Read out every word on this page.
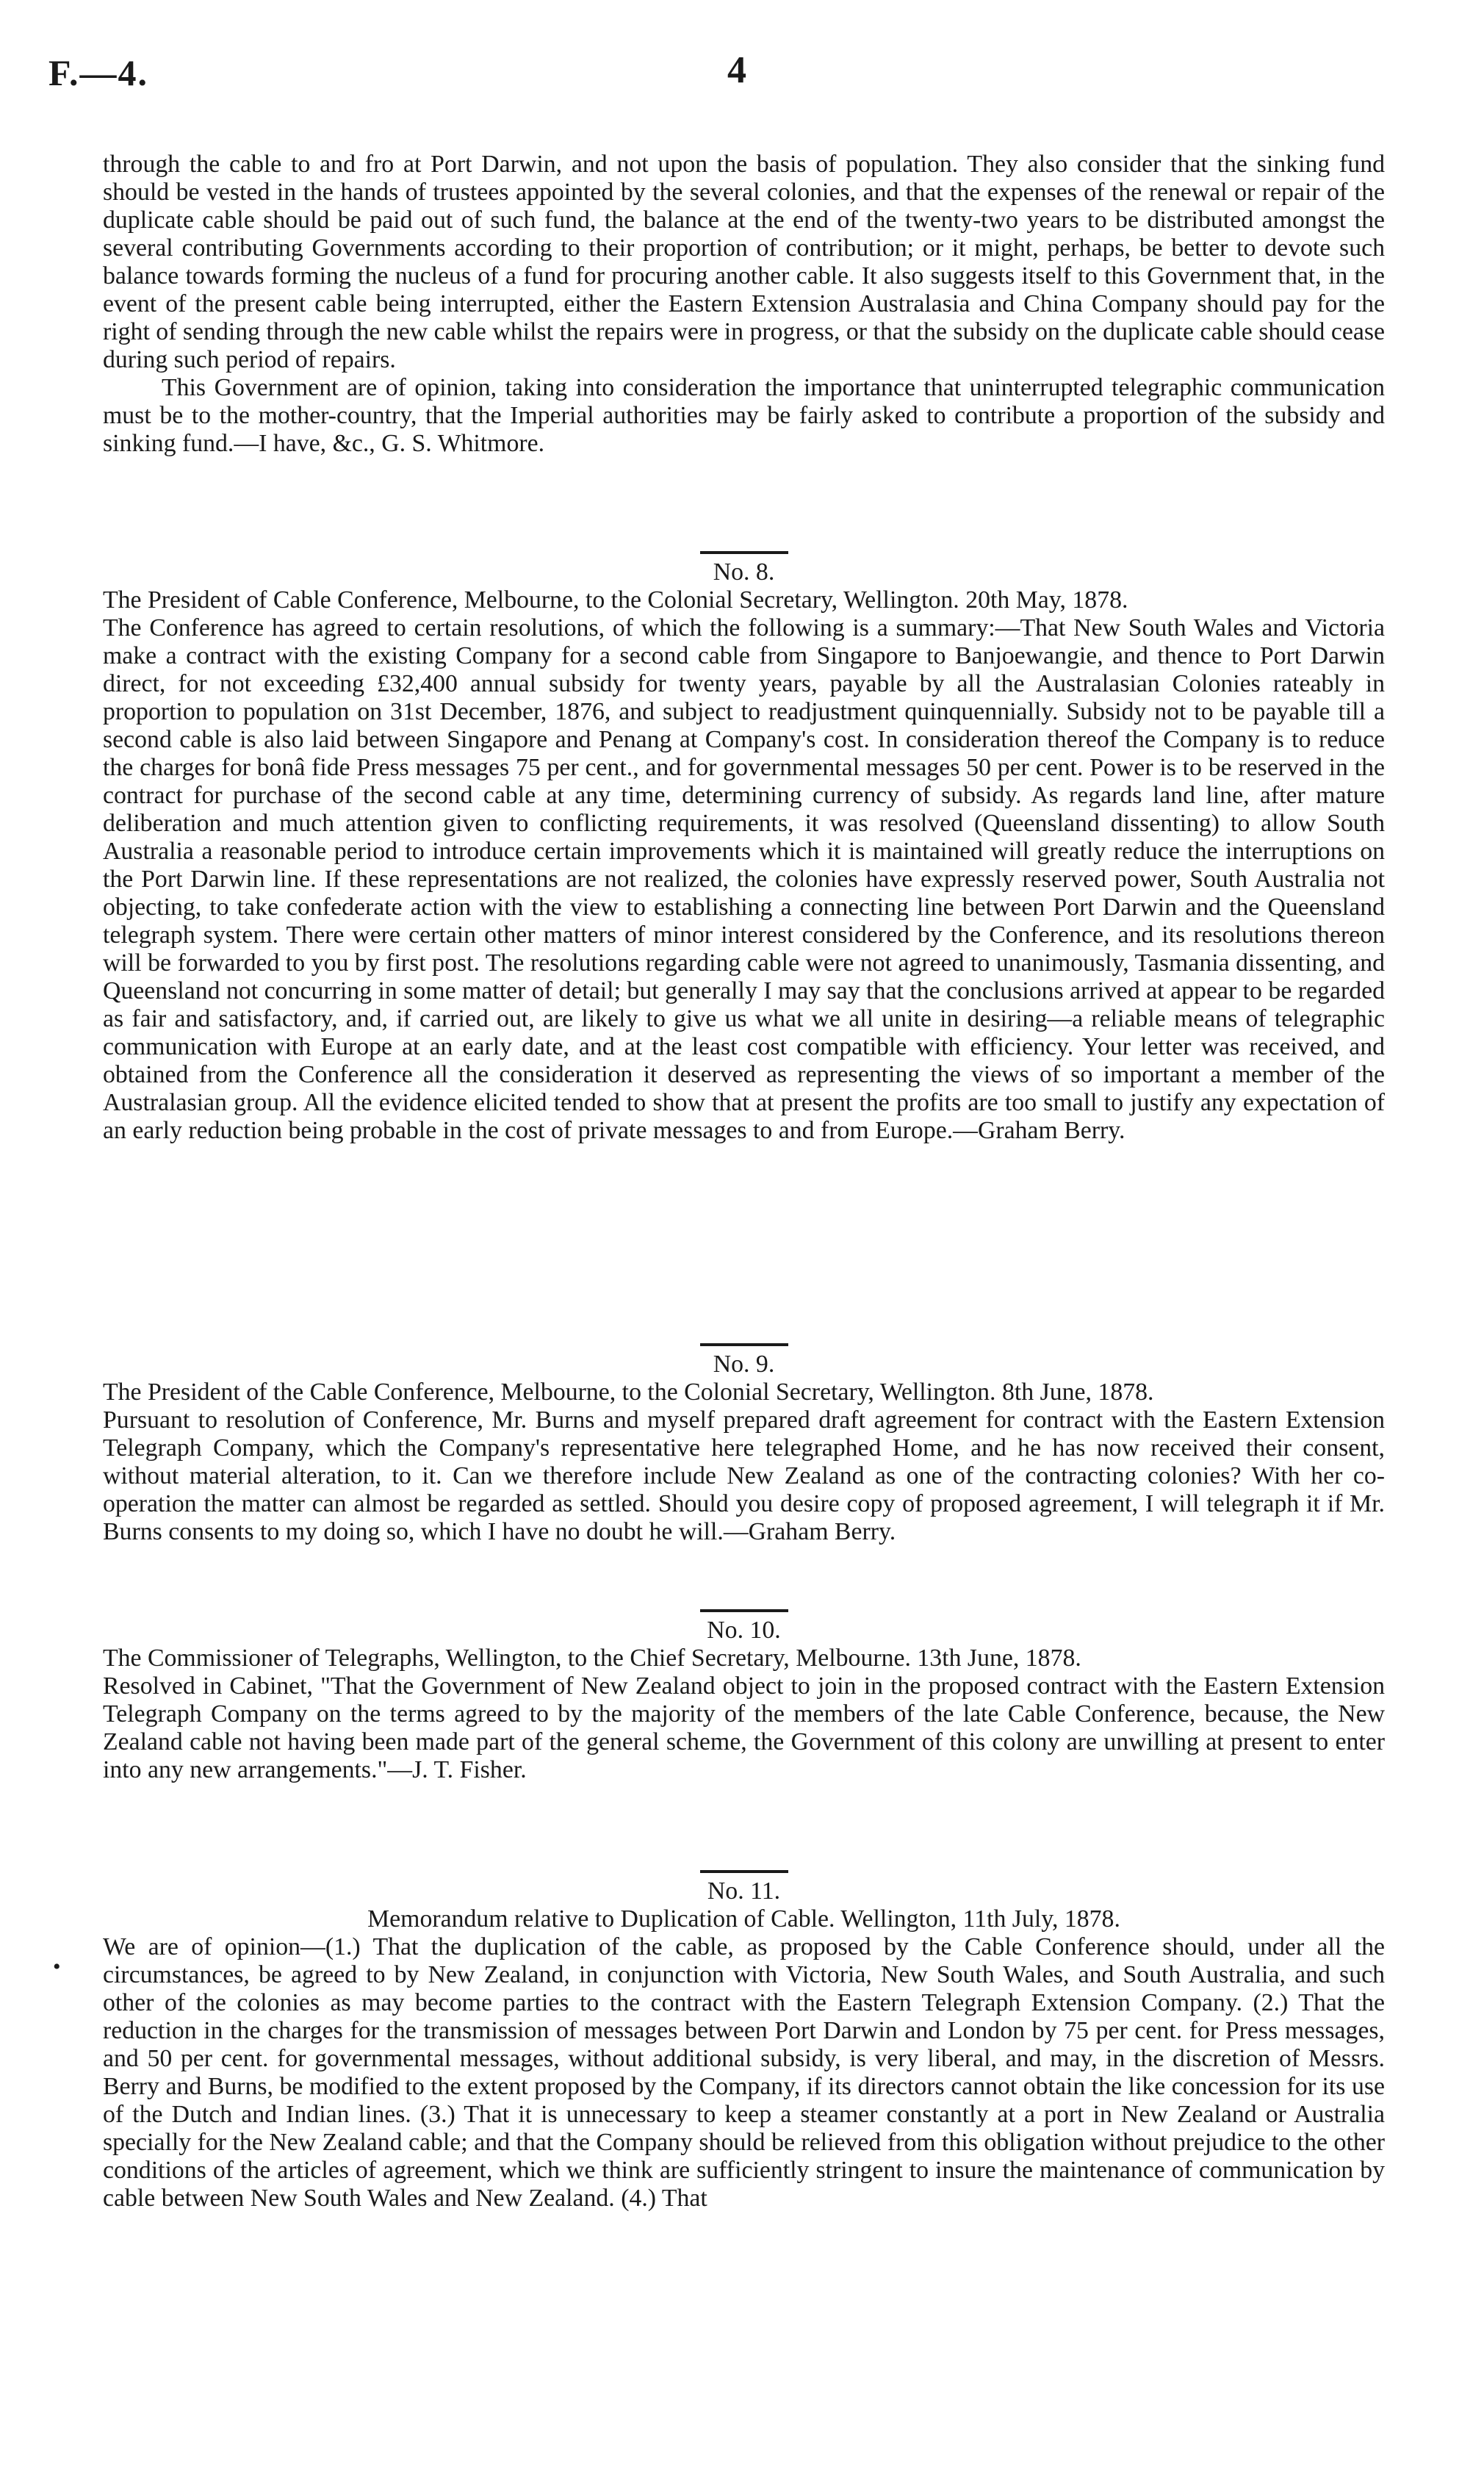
F.—4.	4

through the cable to and fro at Port Darwin, and not upon the basis of population. They also consider that the sinking fund should be vested in the hands of trustees appointed by the several colonies, and that the expenses of the renewal or repair of the duplicate cable should be paid out of such fund, the balance at the end of the twenty-two years to be distributed amongst the several contributing Governments according to their proportion of contribution; or it might, perhaps, be better to devote such balance towards forming the nucleus of a fund for procuring another cable. It also suggests itself to this Government that, in the event of the present cable being interrupted, either the Eastern Extension Australasia and China Company should pay for the right of sending through the new cable whilst the repairs were in progress, or that the subsidy on the duplicate cable should cease during such period of repairs.

This Government are of opinion, taking into consideration the importance that uninterrupted telegraphic communication must be to the mother-country, that the Imperial authorities may be fairly asked to contribute a proportion of the subsidy and sinking fund.—I have, &c., G. S. Whitmore.

No. 8.

The President of Cable Conference, Melbourne, to the Colonial Secretary, Wellington. 20th May, 1878.

The Conference has agreed to certain resolutions, of which the following is a summary:—That New South Wales and Victoria make a contract with the existing Company for a second cable from Singapore to Banjoewangie, and thence to Port Darwin direct, for not exceeding £32,400 annual subsidy for twenty years, payable by all the Australasian Colonies rateably in proportion to population on 31st December, 1876, and subject to readjustment quinquennially. Subsidy not to be payable till a second cable is also laid between Singapore and Penang at Company's cost. In consideration thereof the Company is to reduce the charges for bonâ fide Press messages 75 per cent., and for governmental messages 50 per cent. Power is to be reserved in the contract for purchase of the second cable at any time, determining currency of subsidy. As regards land line, after mature deliberation and much attention given to conflicting requirements, it was resolved (Queensland dissenting) to allow South Australia a reasonable period to introduce certain improvements which it is maintained will greatly reduce the interruptions on the Port Darwin line. If these representations are not realized, the colonies have expressly reserved power, South Australia not objecting, to take confederate action with the view to establishing a connecting line between Port Darwin and the Queensland telegraph system. There were certain other matters of minor interest considered by the Conference, and its resolutions thereon will be forwarded to you by first post. The resolutions regarding cable were not agreed to unanimously, Tasmania dissenting, and Queensland not concurring in some matter of detail; but generally I may say that the conclusions arrived at appear to be regarded as fair and satisfactory, and, if carried out, are likely to give us what we all unite in desiring—a reliable means of telegraphic communication with Europe at an early date, and at the least cost compatible with efficiency. Your letter was received, and obtained from the Conference all the consideration it deserved as representing the views of so important a member of the Australasian group. All the evidence elicited tended to show that at present the profits are too small to justify any expectation of an early reduction being probable in the cost of private messages to and from Europe.—Graham Berry.

No. 9.

The President of the Cable Conference, Melbourne, to the Colonial Secretary, Wellington. 8th June, 1878.

Pursuant to resolution of Conference, Mr. Burns and myself prepared draft agreement for contract with the Eastern Extension Telegraph Company, which the Company's representative here telegraphed Home, and he has now received their consent, without material alteration, to it. Can we therefore include New Zealand as one of the contracting colonies? With her co-operation the matter can almost be regarded as settled. Should you desire copy of proposed agreement, I will telegraph it if Mr. Burns consents to my doing so, which I have no doubt he will.—Graham Berry.

No. 10.

The Commissioner of Telegraphs, Wellington, to the Chief Secretary, Melbourne. 13th June, 1878.

Resolved in Cabinet, "That the Government of New Zealand object to join in the proposed contract with the Eastern Extension Telegraph Company on the terms agreed to by the majority of the members of the late Cable Conference, because, the New Zealand cable not having been made part of the general scheme, the Government of this colony are unwilling at present to enter into any new arrangements."—J. T. Fisher.

No. 11.

Memorandum relative to Duplication of Cable. Wellington, 11th July, 1878.

We are of opinion—(1.) That the duplication of the cable, as proposed by the Cable Conference should, under all the circumstances, be agreed to by New Zealand, in conjunction with Victoria, New South Wales, and South Australia, and such other of the colonies as may become parties to the contract with the Eastern Telegraph Extension Company. (2.) That the reduction in the charges for the transmission of messages between Port Darwin and London by 75 per cent. for Press messages, and 50 per cent. for governmental messages, without additional subsidy, is very liberal, and may, in the discretion of Messrs. Berry and Burns, be modified to the extent proposed by the Company, if its directors cannot obtain the like concession for its use of the Dutch and Indian lines. (3.) That it is unnecessary to keep a steamer constantly at a port in New Zealand or Australia specially for the New Zealand cable; and that the Company should be relieved from this obligation without prejudice to the other conditions of the articles of agreement, which we think are sufficiently stringent to insure the maintenance of communication by cable between New South Wales and New Zealand. (4.) That

•
